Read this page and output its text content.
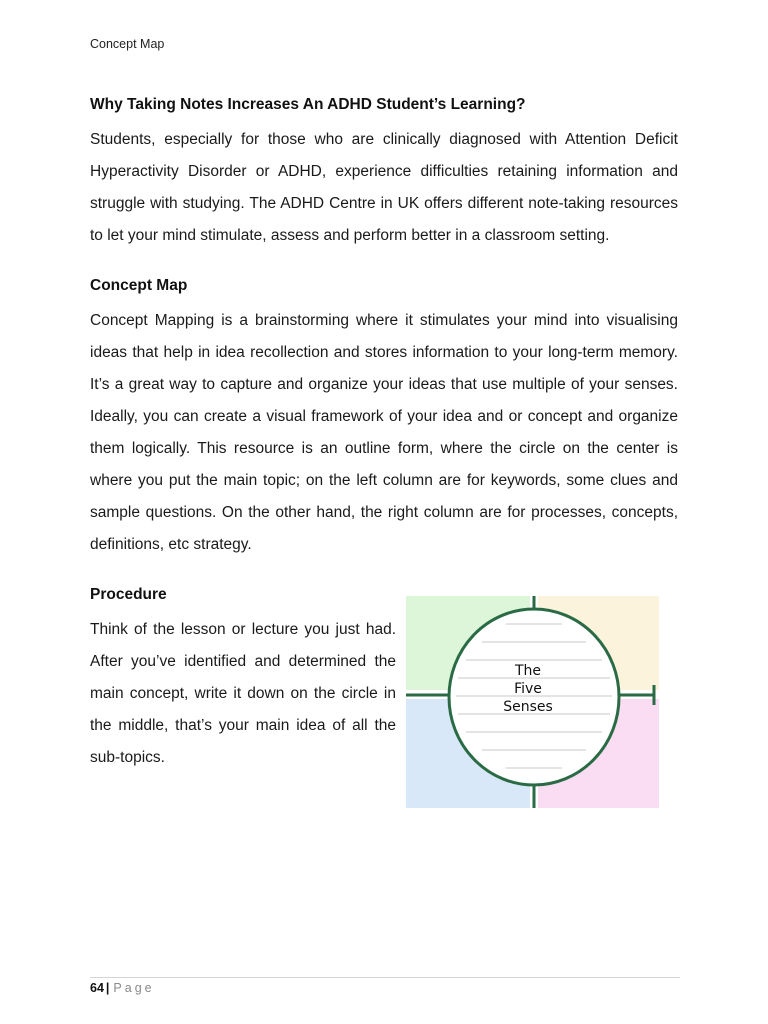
Concept Map
Why Taking Notes Increases An ADHD Student’s Learning?

Students, especially for those who are clinically diagnosed with Attention Deficit Hyperactivity Disorder or ADHD, experience difficulties retaining information and struggle with studying. The ADHD Centre in UK offers different note-taking resources to let your mind stimulate, assess and perform better in a classroom setting.

Concept Map

Concept Mapping is a brainstorming where it stimulates your mind into visualising ideas that help in idea recollection and stores information to your long-term memory. It’s a great way to capture and organize your ideas that use multiple of your senses. Ideally, you can create a visual framework of your idea and or concept and organize them logically. This resource is an outline form, where the circle on the center is where you put the main topic; on the left column are for keywords, some clues and sample questions. On the other hand, the right column are for processes, concepts, definitions, etc strategy.

Procedure

Think of the lesson or lecture you just had. After you’ve identified and determined the main concept, write it down on the circle in the middle, that’s your main idea of all the sub-topics.

The
Five
Senses
64 | Page
